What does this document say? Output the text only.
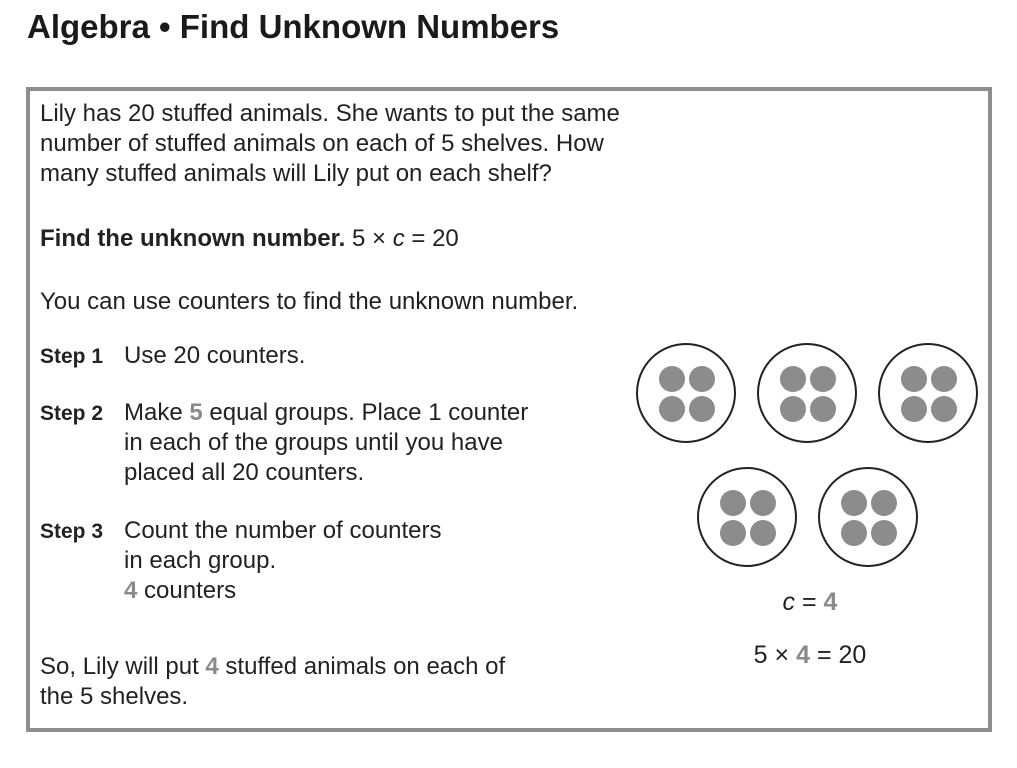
Algebra • Find Unknown Numbers

Lily has 20 stuffed animals. She wants to put the same

number of stuffed animals on each of 5 shelves. How

many stuffed animals will Lily put on each shelf?

Find the unknown number. 5 × c = 20

You can use counters to find the unknown number.

Step 1 Use 20 counters.

Step 2 Make 5 equal groups. Place 1 counter

in each of the groups until you have

placed all 20 counters.

Step 3 Count the number of counters

in each group.

4 counters

So, Lily will put 4 stuffed animals on each of

the 5 shelves.

c = 4

5 × 4 = 20
